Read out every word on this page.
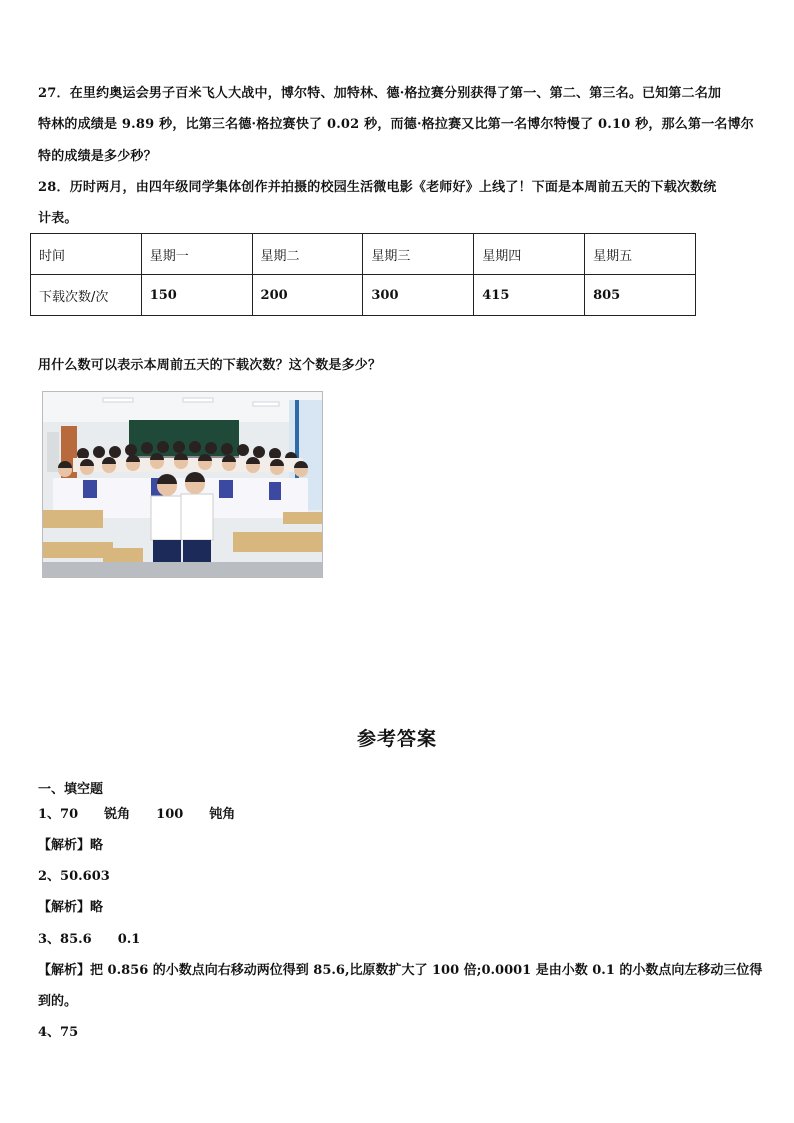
27．在里约奥运会男子百米飞人大战中，博尔特、加特林、德·格拉赛分别获得了第一、第二、第三名。已知第二名加
特林的成绩是 9.89 秒，比第三名德·格拉赛快了 0.02 秒，而德·格拉赛又比第一名博尔特慢了 0.10 秒，那么第一名博尔
特的成绩是多少秒？
28．历时两月，由四年级同学集体创作并拍摄的校园生活微电影《老师好》上线了！下面是本周前五天的下载次数统
计表。
时间	星期一	星期二	星期三	星期四	星期五
下载次数/次	150	200	300	415	805
用什么数可以表示本周前五天的下载次数？这个数是多少？
参考答案
一、填空题
1、70 锐角 100 钝角
【解析】略
2、50.603
【解析】略
3、85.6 0.1
【解析】把 0.856 的小数点向右移动两位得到 85.6,比原数扩大了 100 倍;0.0001 是由小数 0.1 的小数点向左移动三位得
到的。
4、75
